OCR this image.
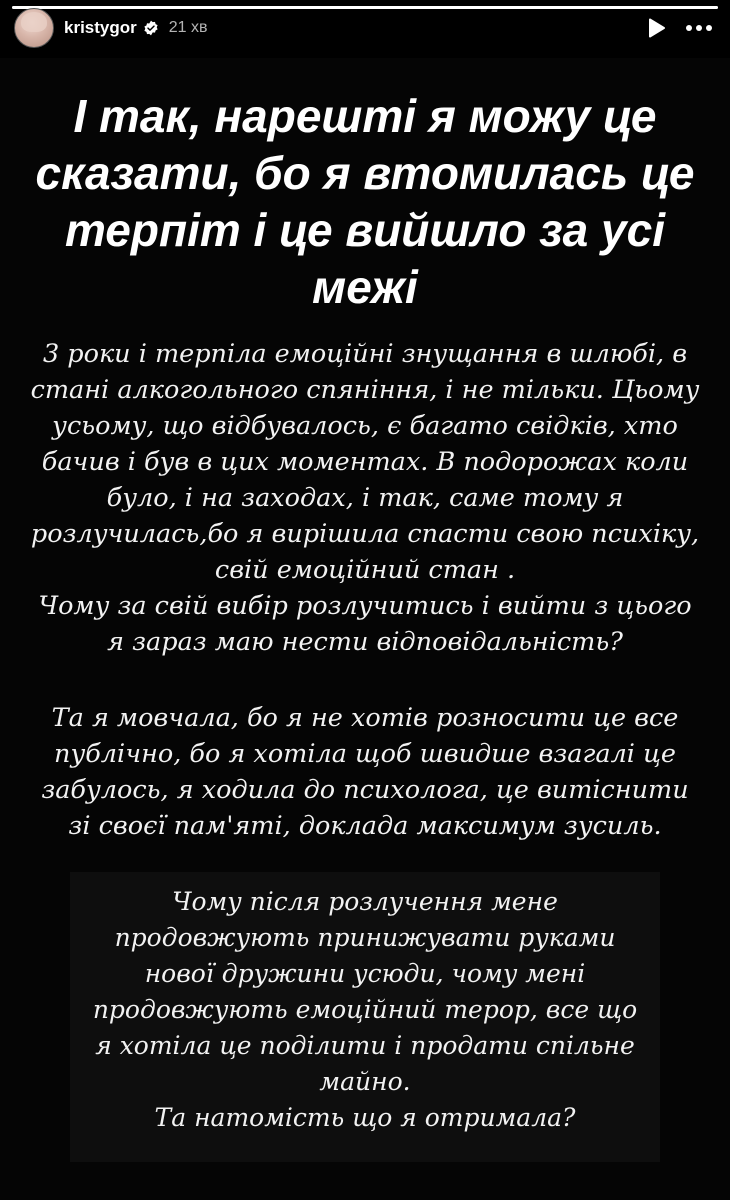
kristygor 21 хв
І так, нарешті я можу це сказати, бо я втомилась це терпіт і це вийшло за усі межі

3 роки і терпіла емоційні знущання в шлюбі, в
стані алкогольного спяніння, і не тільки. Цьому
усьому, що відбувалось, є багато свідків, хто
бачив і був в цих моментах. В подорожах коли
було, і на заходах, і так, саме тому я
розлучилась,бо я вирішила спасти свою психіку,
свій емоційний стан .
Чому за свій вибір розлучитись і вийти з цього
я зараз маю нести відповідальність?

Та я мовчала, бо я не хотів розносити це все
публічно, бо я хотіла щоб швидше взагалі це
забулось, я ходила до психолога, це витіснити
зі своєї пам'яті, доклада максимум зусиль.

Чому після розлучення мене
продовжують принижувати руками
нової дружини усюди, чому мені
продовжують емоційний терор, все що
я хотіла це поділити і продати спільне
майно.
Та натомість що я отримала?
